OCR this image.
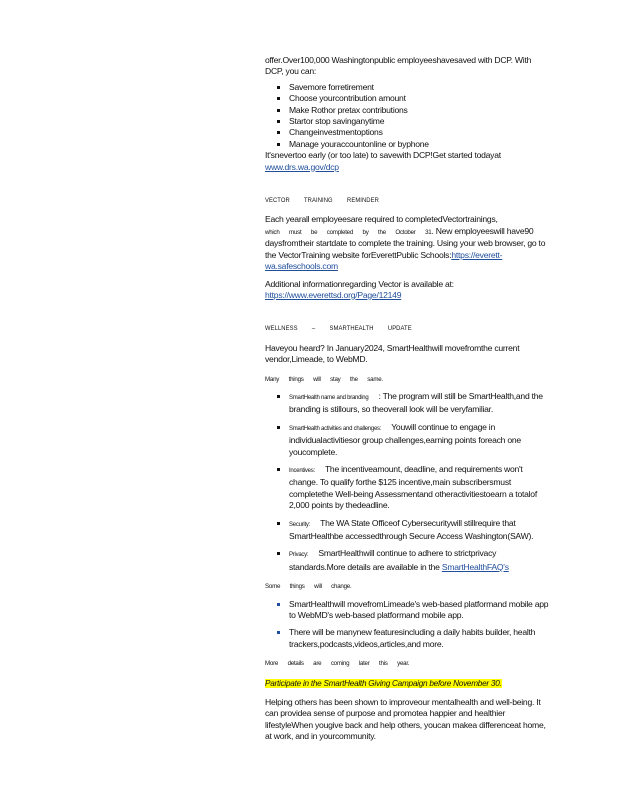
offer.Over100,000 Washingtonpublic employeeshavesaved with DCP. With DCP, you can:

Savemore forretirement
Choose yourcontribution amount
Make Rothor pretax contributions
Startor stop savinganytime
Changeinvestmentoptions
Manage youraccountonline or byphone

It'snevertoo early (or too late) to savewith DCP!Get started todayat www.drs.wa.gov/dcp

VECTOR TRAINING REMINDER

Each yearall employeesare required to completedVectortrainings, which must be completed by the October 31. New employeeswill have90 daysfromtheir startdate to complete the training. Using your web browser, go to the VectorTraining website forEverettPublic Schools:https://everett-wa.safeschools.com

Additional informationregarding Vector is available at:
https://www.everettsd.org/Page/12149

WELLNESS – SMARTHEALTH UPDATE

Haveyou heard? In January2024, SmartHealthwill movefromthe current vendor,Limeade, to WebMD.

Many things will stay the same.

SmartHealth name and branding : The program will still be SmartHealth,and the branding is stillours, so theoverall look will be veryfamiliar.
SmartHealth activities and challenges: Youwill continue to engage in individualactivitiesor group challenges,earning points foreach one youcomplete.
Incentives: The incentiveamount, deadline, and requirements won't change. To qualify forthe $125 incentive,main subscribersmust completethe Well-being Assessmentand otheractivitiestoearn a totalof 2,000 points by thedeadline.
Security: The WA State Officeof Cybersecuritywill stillrequire that SmartHealthbe accessedthrough Secure Access Washington(SAW).
Privacy: SmartHealthwill continue to adhere to strictprivacy standards.More details are available in the SmartHealthFAQ's

Some things will change.

SmartHealthwill movefromLimeade's web-based platformand mobile app to WebMD's web-based platformand mobile app.
There will be manynew featuresincluding a daily habits builder, health trackers,podcasts,videos,articles,and more.

More details are coming later this year.

Participate in the SmartHealth Giving Campaign before November 30.

Helping others has been shown to improveour mentalhealth and well-being. It can providea sense of purpose and promotea happier and healthier lifestyleWhen yougive back and help others, youcan makea differenceat home, at work, and in yourcommunity.
